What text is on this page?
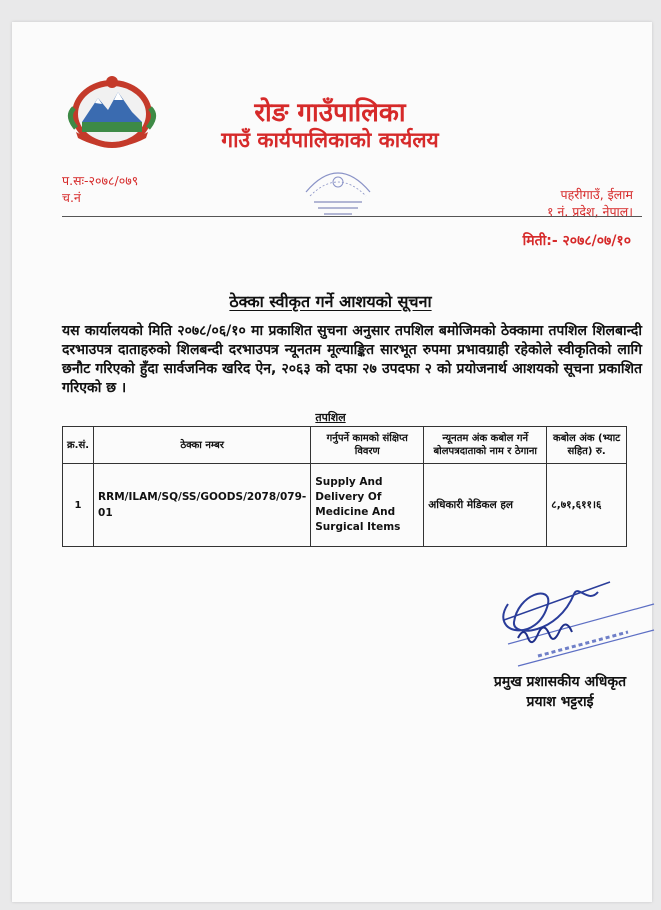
रोङ गाउँपालिका
गाउँ कार्यपालिकाको कार्यलय
प.सः-२०७८/०७९
च.नं	पहरीगाउँ, ईलाम
१ नं. प्रदेश, नेपाल।
मिती:- २०७८/०७/१०
ठेक्का स्वीकृत गर्ने आशयको सूचना
यस कार्यालयको मिति २०७८/०६/१० मा प्रकाशित सुचना अनुसार तपशिल बमोजिमको ठेक्कामा तपशिल शिलबान्दी दरभाउपत्र दाताहरुको शिलबन्दी दरभाउपत्र न्यूनतम मूल्याङ्कित सारभूत रुपमा प्रभावग्राही रहेकोले स्वीकृतिको लागि छनौट गरिएको हुँदा सार्वजनिक खरिद ऐन, २०६३ को दफा २७ उपदफा २ को प्रयोजनार्थ आशयको सूचना प्रकाशित गरिएको छ ।
तपशिल
क्र.सं.	ठेक्का नम्बर	गर्नुपर्ने कामको संक्षिप्त विवरण	न्यूनतम अंक कबोल गर्ने बोलपत्रदाताको नाम र ठेगाना	कबोल अंक (भ्याट सहित) रु.
1	RRM/ILAM/SQ/SS/GOODS/2078/079-01	Supply And Delivery Of Medicine And Surgical Items	अधिकारी मेडिकल हल	८,७१,६११।६
प्रमुख प्रशासकीय अधिकृत
प्रयाश भट्टराई
